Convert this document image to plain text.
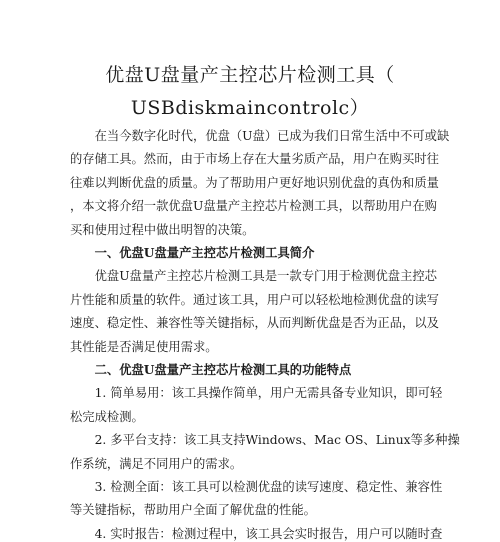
优盘U盘量产主控芯片检测工具（
USBdiskmaincontrolc）
　　在当今数字化时代，优盘（U盘）已成为我们日常生活中不可或缺
的存储工具。然而，由于市场上存在大量劣质产品，用户在购买时往
往难以判断优盘的质量。为了帮助用户更好地识别优盘的真伪和质量
，本文将介绍一款优盘U盘量产主控芯片检测工具，以帮助用户在购
买和使用过程中做出明智的决策。
　　一、优盘U盘量产主控芯片检测工具简介
　　优盘U盘量产主控芯片检测工具是一款专门用于检测优盘主控芯
片性能和质量的软件。通过该工具，用户可以轻松地检测优盘的读写
速度、稳定性、兼容性等关键指标，从而判断优盘是否为正品，以及
其性能是否满足使用需求。
　　二、优盘U盘量产主控芯片检测工具的功能特点
　　1. 简单易用：该工具操作简单，用户无需具备专业知识，即可轻
松完成检测。
　　2. 多平台支持：该工具支持Windows、Mac OS、Linux等多种操
作系统，满足不同用户的需求。
　　3. 检测全面：该工具可以检测优盘的读写速度、稳定性、兼容性
等关键指标，帮助用户全面了解优盘的性能。
　　4. 实时报告：检测过程中，该工具会实时报告，用户可以随时查
